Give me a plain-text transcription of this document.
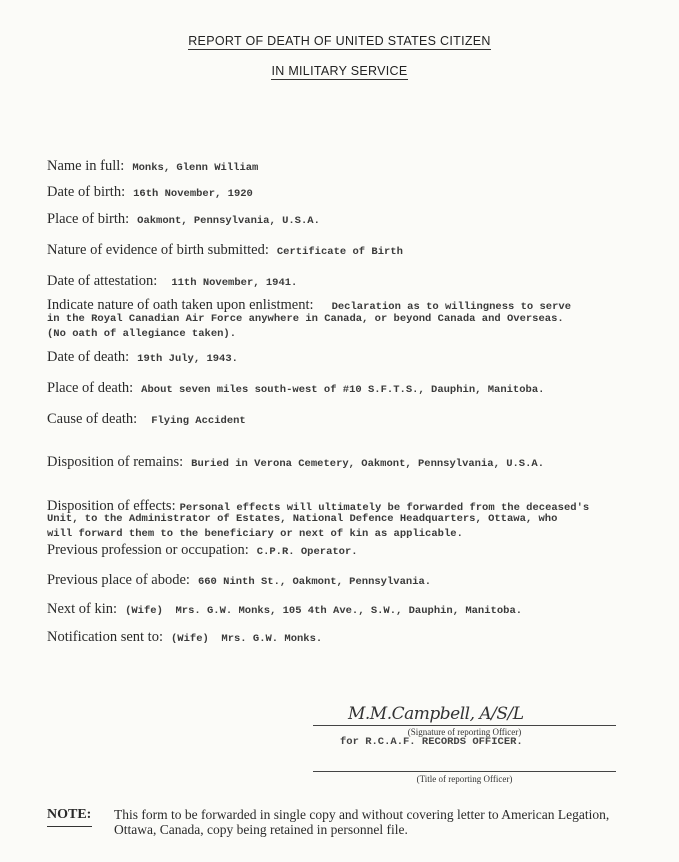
REPORT OF DEATH OF UNITED STATES CITIZEN
IN MILITARY SERVICE
Name in full: Monks, Glenn William
Date of birth: 16th November, 1920
Place of birth: Oakmont, Pennsylvania, U.S.A.
Nature of evidence of birth submitted: Certificate of Birth
Date of attestation: 11th November, 1941.
Indicate nature of oath taken upon enlistment: Declaration as to willingness to serve
in the Royal Canadian Air Force anywhere in Canada, or beyond Canada and Overseas.
(No oath of allegiance taken).
Date of death: 19th July, 1943.
Place of death: About seven miles south-west of #10 S.F.T.S., Dauphin, Manitoba.
Cause of death: Flying Accident
Disposition of remains: Buried in Verona Cemetery, Oakmont, Pennsylvania, U.S.A.
Disposition of effects: Personal effects will ultimately be forwarded from the deceased's
Unit, to the Administrator of Estates, National Defence Headquarters, Ottawa, who
will forward them to the beneficiary or next of kin as applicable.
Previous profession or occupation: C.P.R. Operator.
Previous place of abode: 660 Ninth St., Oakmont, Pennsylvania.
Next of kin: (Wife)  Mrs. G.W. Monks, 105 4th Ave., S.W., Dauphin, Manitoba.
Notification sent to: (Wife)  Mrs. G.W. Monks.
M.M.Campbell, A/S/L
(Signature of reporting Officer)
for R.C.A.F. RECORDS OFFICER.
(Title of reporting Officer)
NOTE: This form to be forwarded in single copy and without covering letter to American Legation, Ottawa, Canada, copy being retained in personnel file.
